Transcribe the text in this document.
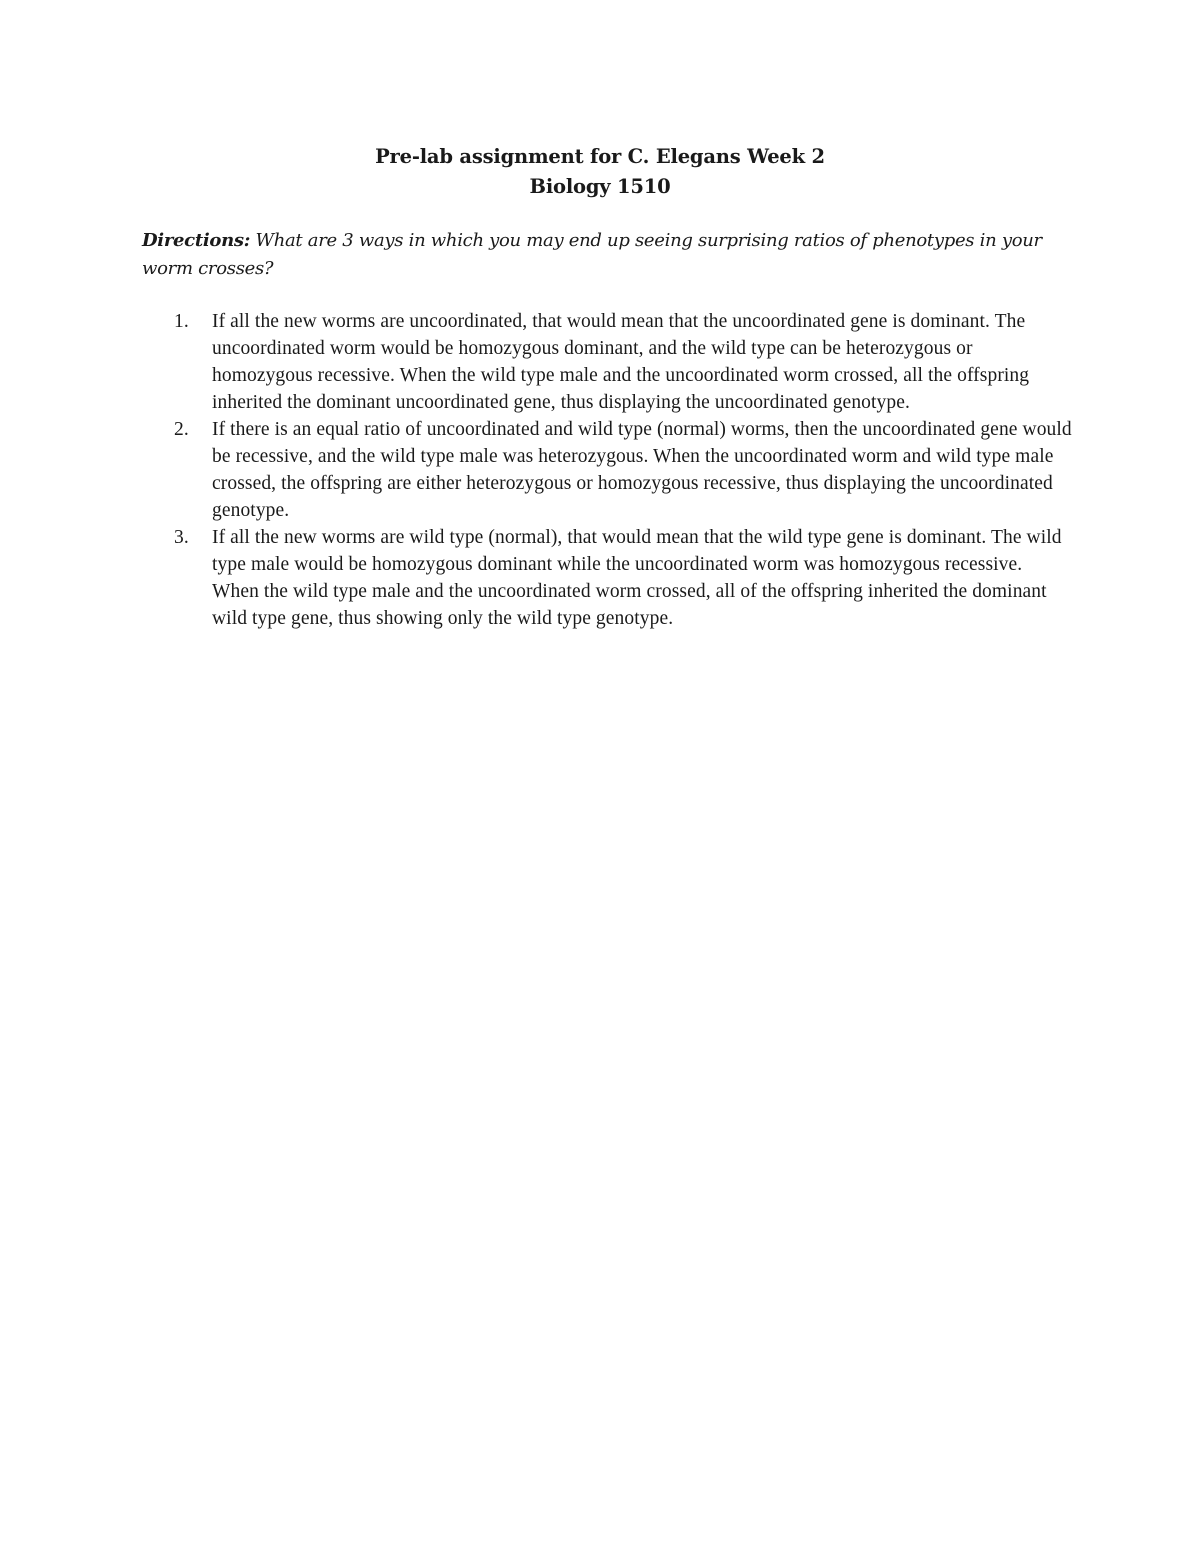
Pre-lab assignment for C. Elegans Week 2
Biology 1510
Directions: What are 3 ways in which you may end up seeing surprising ratios of phenotypes in your worm crosses?
1. If all the new worms are uncoordinated, that would mean that the uncoordinated gene is dominant. The uncoordinated worm would be homozygous dominant, and the wild type can be heterozygous or homozygous recessive. When the wild type male and the uncoordinated worm crossed, all the offspring inherited the dominant uncoordinated gene, thus displaying the uncoordinated genotype.
2. If there is an equal ratio of uncoordinated and wild type (normal) worms, then the uncoordinated gene would be recessive, and the wild type male was heterozygous. When the uncoordinated worm and wild type male crossed, the offspring are either heterozygous or homozygous recessive, thus displaying the uncoordinated genotype.
3. If all the new worms are wild type (normal), that would mean that the wild type gene is dominant. The wild type male would be homozygous dominant while the uncoordinated worm was homozygous recessive. When the wild type male and the uncoordinated worm crossed, all of the offspring inherited the dominant wild type gene, thus showing only the wild type genotype.
